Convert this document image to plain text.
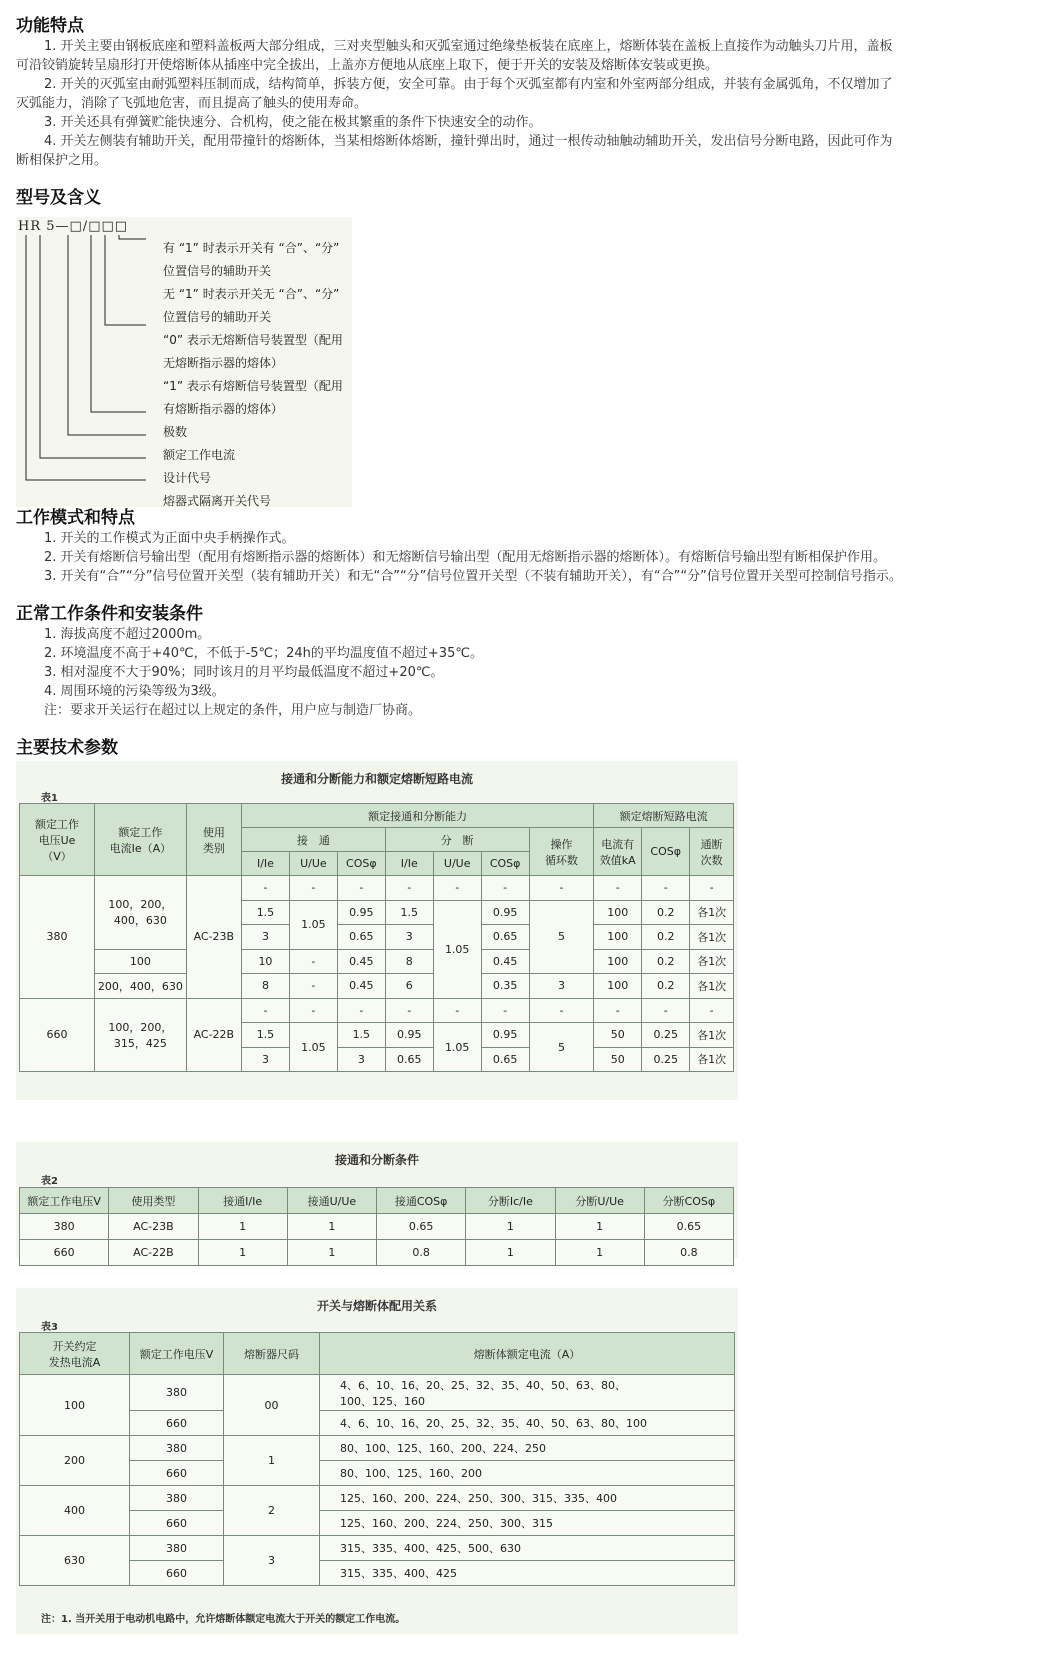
功能特点

1. 开关主要由钢板底座和塑料盖板两大部分组成，三对夹型触头和灭弧室通过绝缘垫板装在底座上，熔断体装在盖板上直接作为动触头刀片用，盖板

可沿铰销旋转呈扇形打开使熔断体从插座中完全拔出，上盖亦方便地从底座上取下，便于开关的安装及熔断体安装或更换。

2. 开关的灭弧室由耐弧塑料压制而成，结构简单，拆装方便，安全可靠。由于每个灭弧室都有内室和外室两部分组成，并装有金属弧角，不仅增加了

灭弧能力，消除了飞弧地危害，而且提高了触头的使用寿命。

3. 开关还具有弹簧贮能快速分、合机构，使之能在极其繁重的条件下快速安全的动作。

4. 开关左侧装有辅助开关，配用带撞针的熔断体，当某相熔断体熔断，撞针弹出时，通过一根传动轴触动辅助开关，发出信号分断电路，因此可作为

断相保护之用。

型号及含义
HR 5—□/□□□
有 “1” 时表示开关有 “合”、“分”
位置信号的辅助开关
无 “1” 时表示开关无 “合”、“分”
位置信号的辅助开关
“0” 表示无熔断信号装置型（配用
无熔断指示器的熔体）
“1” 表示有熔断信号装置型（配用
有熔断指示器的熔体）
极数
额定工作电流
设计代号
熔器式隔离开关代号
工作模式和特点

1. 开关的工作模式为正面中央手柄操作式。

2. 开关有熔断信号输出型（配用有熔断指示器的熔断体）和无熔断信号输出型（配用无熔断指示器的熔断体）。有熔断信号输出型有断相保护作用。

3. 开关有“合”“分”信号位置开关型（装有辅助开关）和无“合”“分”信号位置开关型（不装有辅助开关），有“合”“分”信号位置开关型可控制信号指示。

正常工作条件和安装条件

1. 海拔高度不超过2000m。

2. 环境温度不高于+40℃，不低于-5℃；24h的平均温度值不超过+35℃。

3. 相对湿度不大于90%；同时该月的月平均最低温度不超过+20℃。

4. 周围环境的污染等级为3级。

注：要求开关运行在超过以上规定的条件，用户应与制造厂协商。

主要技术参数
接通和分断能力和额定熔断短路电流
表1
额定工作
电压Ue
（V）	额定工作
电流Ie（A）	使用
类别	额定接通和分断能力							额定熔断短路电流		
			接　通			分　断			操作
循环数	电流有
效值kA	COSφ	通断
次数
			I/Ie	U/Ue	COSφ	I/Ie	U/Ue	COSφ				
380	100，200，
400，630	AC-23B	-	-	-	-	-	-	-	-	-	-
			1.5	1.05	0.95	1.5	1.05	0.95	5	100	0.2	各1次
			3		0.65	3		0.65		100	0.2	各1次
	100		10	-	0.45	8		0.45		100	0.2	各1次
	200，400，630		8	-	0.45	6		0.35	3	100	0.2	各1次
660	100，200，
315，425	AC-22B	-	-	-	-	-	-	-	-	-	-
			1.5	1.05	1.5	0.95	1.05	0.95	5	50	0.25	各1次
			3		3	0.65		0.65		50	0.25	各1次
接通和分断条件
表2
额定工作电压V	使用类型	接通I/Ie	接通U/Ue	接通COSφ	分断Ic/Ie	分断U/Ue	分断COSφ
380	AC-23B	1	1	0.65	1	1	0.65
660	AC-22B	1	1	0.8	1	1	0.8
开关与熔断体配用关系
表3
开关约定
发热电流A	额定工作电压V	熔断器尺码	熔断体额定电流（A）
100	380	00	4、6、10、16、20、25、32、35、40、50、63、80、
100、125、160
	660		4、6、10、16、20、25、32、35、40、50、63、80、100
200	380	1	80、100、125、160、200、224、250
	660		80、100、125、160、200
400	380	2	125、160、200、224、250、300、315、335、400
	660		125、160、200、224、250、300、315
630	380	3	315、335、400、425、500、630
	660		315、335、400、425
注：1. 当开关用于电动机电路中，允许熔断体额定电流大于开关的额定工作电流。
